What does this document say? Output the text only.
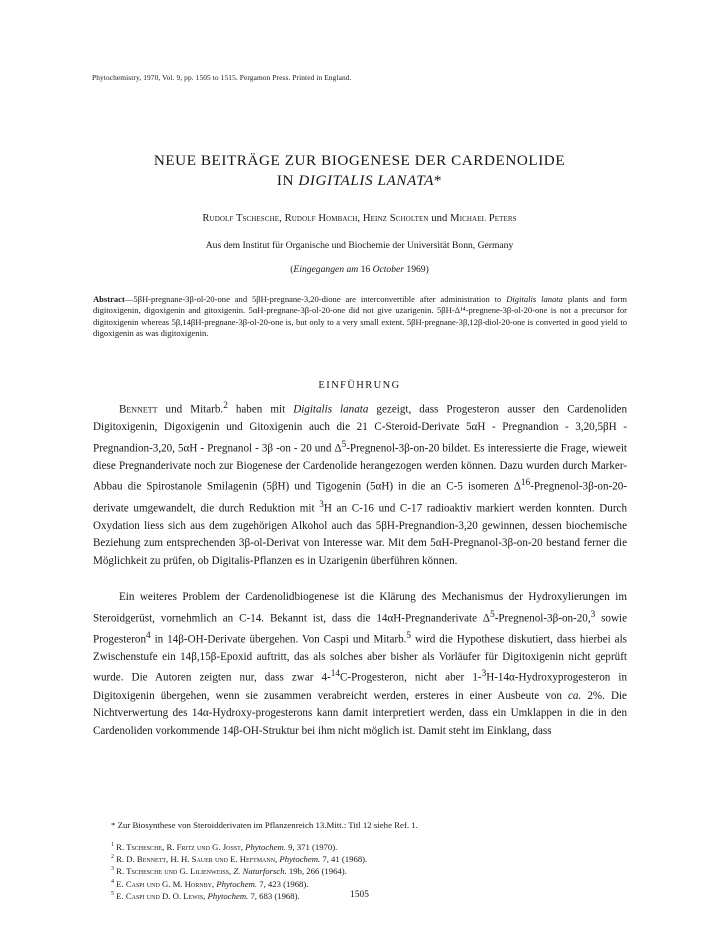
Phytochemistry, 1970, Vol. 9, pp. 1505 to 1515. Pergamon Press. Printed in England.
NEUE BEITRÄGE ZUR BIOGENESE DER CARDENOLIDE
IN DIGITALIS LANATA*
Rudolf Tschesche, Rudolf Hombach, Heinz Scholten und Michael Peters
Aus dem Institut für Organische und Biochemie der Universität Bonn, Germany
(Eingegangen am 16 October 1969)
Abstract—5βH-pregnane-3β-ol-20-one and 5βH-pregnane-3,20-dione are interconvertible after administration to Digitalis lanata plants and form digitoxigenin, digoxigenin and gitoxigenin. 5αH-pregnane-3β-ol-20-one did not give uzarigenin. 5βH-Δ¹⁴-pregnene-3β-ol-20-one is not a precursor for digitoxigenin whereas 5β,14βH-pregnane-3β-ol-20-one is, but only to a very small extent. 5βH-pregnane-3β,12β-diol-20-one is converted in good yield to digoxigenin as was digitoxigenin.
EINFÜHRUNG

Bennett und Mitarb.$^2$ haben mit Digitalis lanata gezeigt, dass Progesteron ausser den Cardenoliden Digitoxigenin, Digoxigenin und Gitoxigenin auch die 21 C-Steroid-Derivate 5αH - Pregnandion - 3,20,5βH - Pregnandion-3,20, 5αH - Pregnanol - 3β -on - 20 und $\Delta^5-Pregnenol-3\beta-on-20$ bildet. Es interessierte die Frage, wieweit diese Pregnanderivate noch zur Biogenese der Cardenolide herangezogen werden können. Dazu wurden durch Marker-Abbau die Spirostanole Smilagenin (5βH) und Tigogenin (5αH) in die an C-5 isomeren $\Delta^{16}-Pregnenol-3\beta-on-20$-derivate umgewandelt, die durch Reduktion mit $^3$H an C-16 und C-17 radioaktiv markiert werden konnten. Durch Oxydation liess sich aus dem zugehörigen Alkohol auch das 5βH-Pregnandion-3,20 gewinnen, dessen biochemische Beziehung zum entsprechenden 3β-ol-Derivat von Interesse war. Mit dem 5αH-Pregnanol-3β-on-20 bestand ferner die Möglichkeit zu prüfen, ob Digitalis-Pflanzen es in Uzarigenin überführen können.

Ein weiteres Problem der Cardenolidbiogenese ist die Klärung des Mechanismus der Hydroxylierungen im Steroidgerüst, vornehmlich an C-14. Bekannt ist, dass die 14αH-Pregnanderivate $\Delta^5-Pregnenol-3\beta-on-20,^3$ sowie Progesteron$^4$ in 14β-OH-Derivate übergehen. Von Caspi und Mitarb.$^5$ wird die Hypothese diskutiert, dass hierbei als Zwischenstufe ein 14β,15β-Epoxid auftritt, das als solches aber bisher als Vorläufer für Digitoxigenin nicht geprüft wurde. Die Autoren zeigten nur, dass zwar 4-$^{14}$C-Progesteron, nicht aber 1-$^3$H-14α-Hydroxyprogesteron in Digitoxigenin übergehen, wenn sie zusammen verabreicht werden, ersteres in einer Ausbeute von ca. 2%. Die Nichtverwertung des 14α-Hydroxy-progesterons kann damit interpretiert werden, dass ein Umklappen in die in den Cardenoliden vorkommende 14β-OH-Struktur bei ihm nicht möglich ist. Damit steht im Einklang, dass

* Zur Biosynthese von Steroidderivaten im Pflanzenreich 13.Mitt.: Titl 12 siehe Ref. 1.
$^1$ R. Tschesche, R. Fritz und G. Josst, Phytochem. 9, 371 (1970).
$^2$ R. D. Bennett, H. H. Sauer und E. Heftmann, Phytochem. 7, 41 (1968).
$^3$ R. Tschesche und G. Lilienweiss, Z. Naturforsch. 19b, 266 (1964).
$^4$ E. Caspi und G. M. Hornby, Phytochem. 7, 423 (1968).
$^5$ E. Caspi und D. O. Lewis, Phytochem. 7, 683 (1968).	1505
